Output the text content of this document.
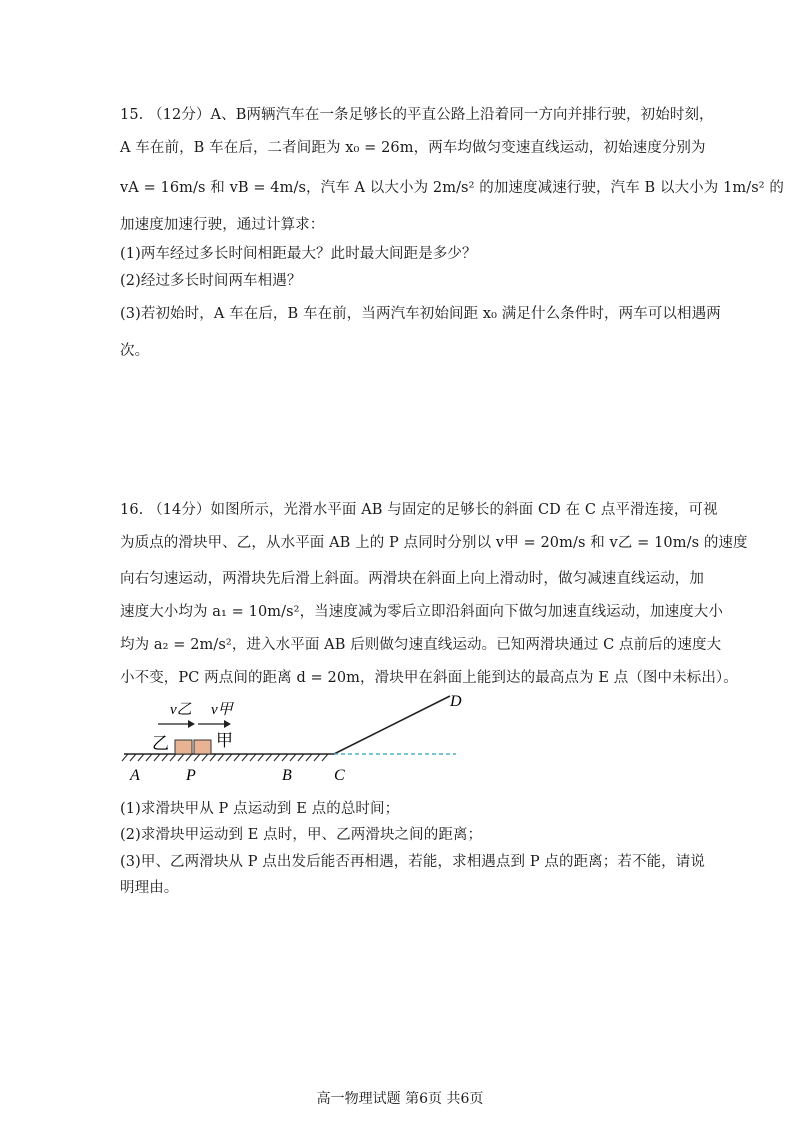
15. （12分）A、B两辆汽车在一条足够长的平直公路上沿着同一方向并排行驶，初始时刻，
A 车在前，B 车在后，二者间距为 x₀ = 26m，两车均做匀变速直线运动，初始速度分别为
vA = 16m/s 和 vB = 4m/s，汽车 A 以大小为 2m/s² 的加速度减速行驶，汽车 B 以大小为 1m/s² 的
加速度加速行驶，通过计算求：
(1)两车经过多长时间相距最大？此时最大间距是多少？
(2)经过多长时间两车相遇？
(3)若初始时，A 车在后，B 车在前，当两汽车初始间距 x₀ 满足什么条件时，两车可以相遇两
次。
16. （14分）如图所示，光滑水平面 AB 与固定的足够长的斜面 CD 在 C 点平滑连接，可视
为质点的滑块甲、乙，从水平面 AB 上的 P 点同时分别以 v甲 = 20m/s 和 v乙 = 10m/s 的速度
向右匀速运动，两滑块先后滑上斜面。两滑块在斜面上向上滑动时，做匀减速直线运动，加
速度大小均为 a₁ = 10m/s²，当速度减为零后立即沿斜面向下做匀加速直线运动，加速度大小
均为 a₂ = 2m/s²，进入水平面 AB 后则做匀速直线运动。已知两滑块通过 C 点前后的速度大
小不变，PC 两点间的距离 d = 20m，滑块甲在斜面上能到达的最高点为 E 点（图中未标出）。
v乙 v甲
乙	甲
A	P	B	C
D
(1)求滑块甲从 P 点运动到 E 点的总时间；
(2)求滑块甲运动到 E 点时，甲、乙两滑块之间的距离；
(3)甲、乙两滑块从 P 点出发后能否再相遇，若能，求相遇点到 P 点的距离；若不能，请说
明理由。
高一物理试题 第6页 共6页
